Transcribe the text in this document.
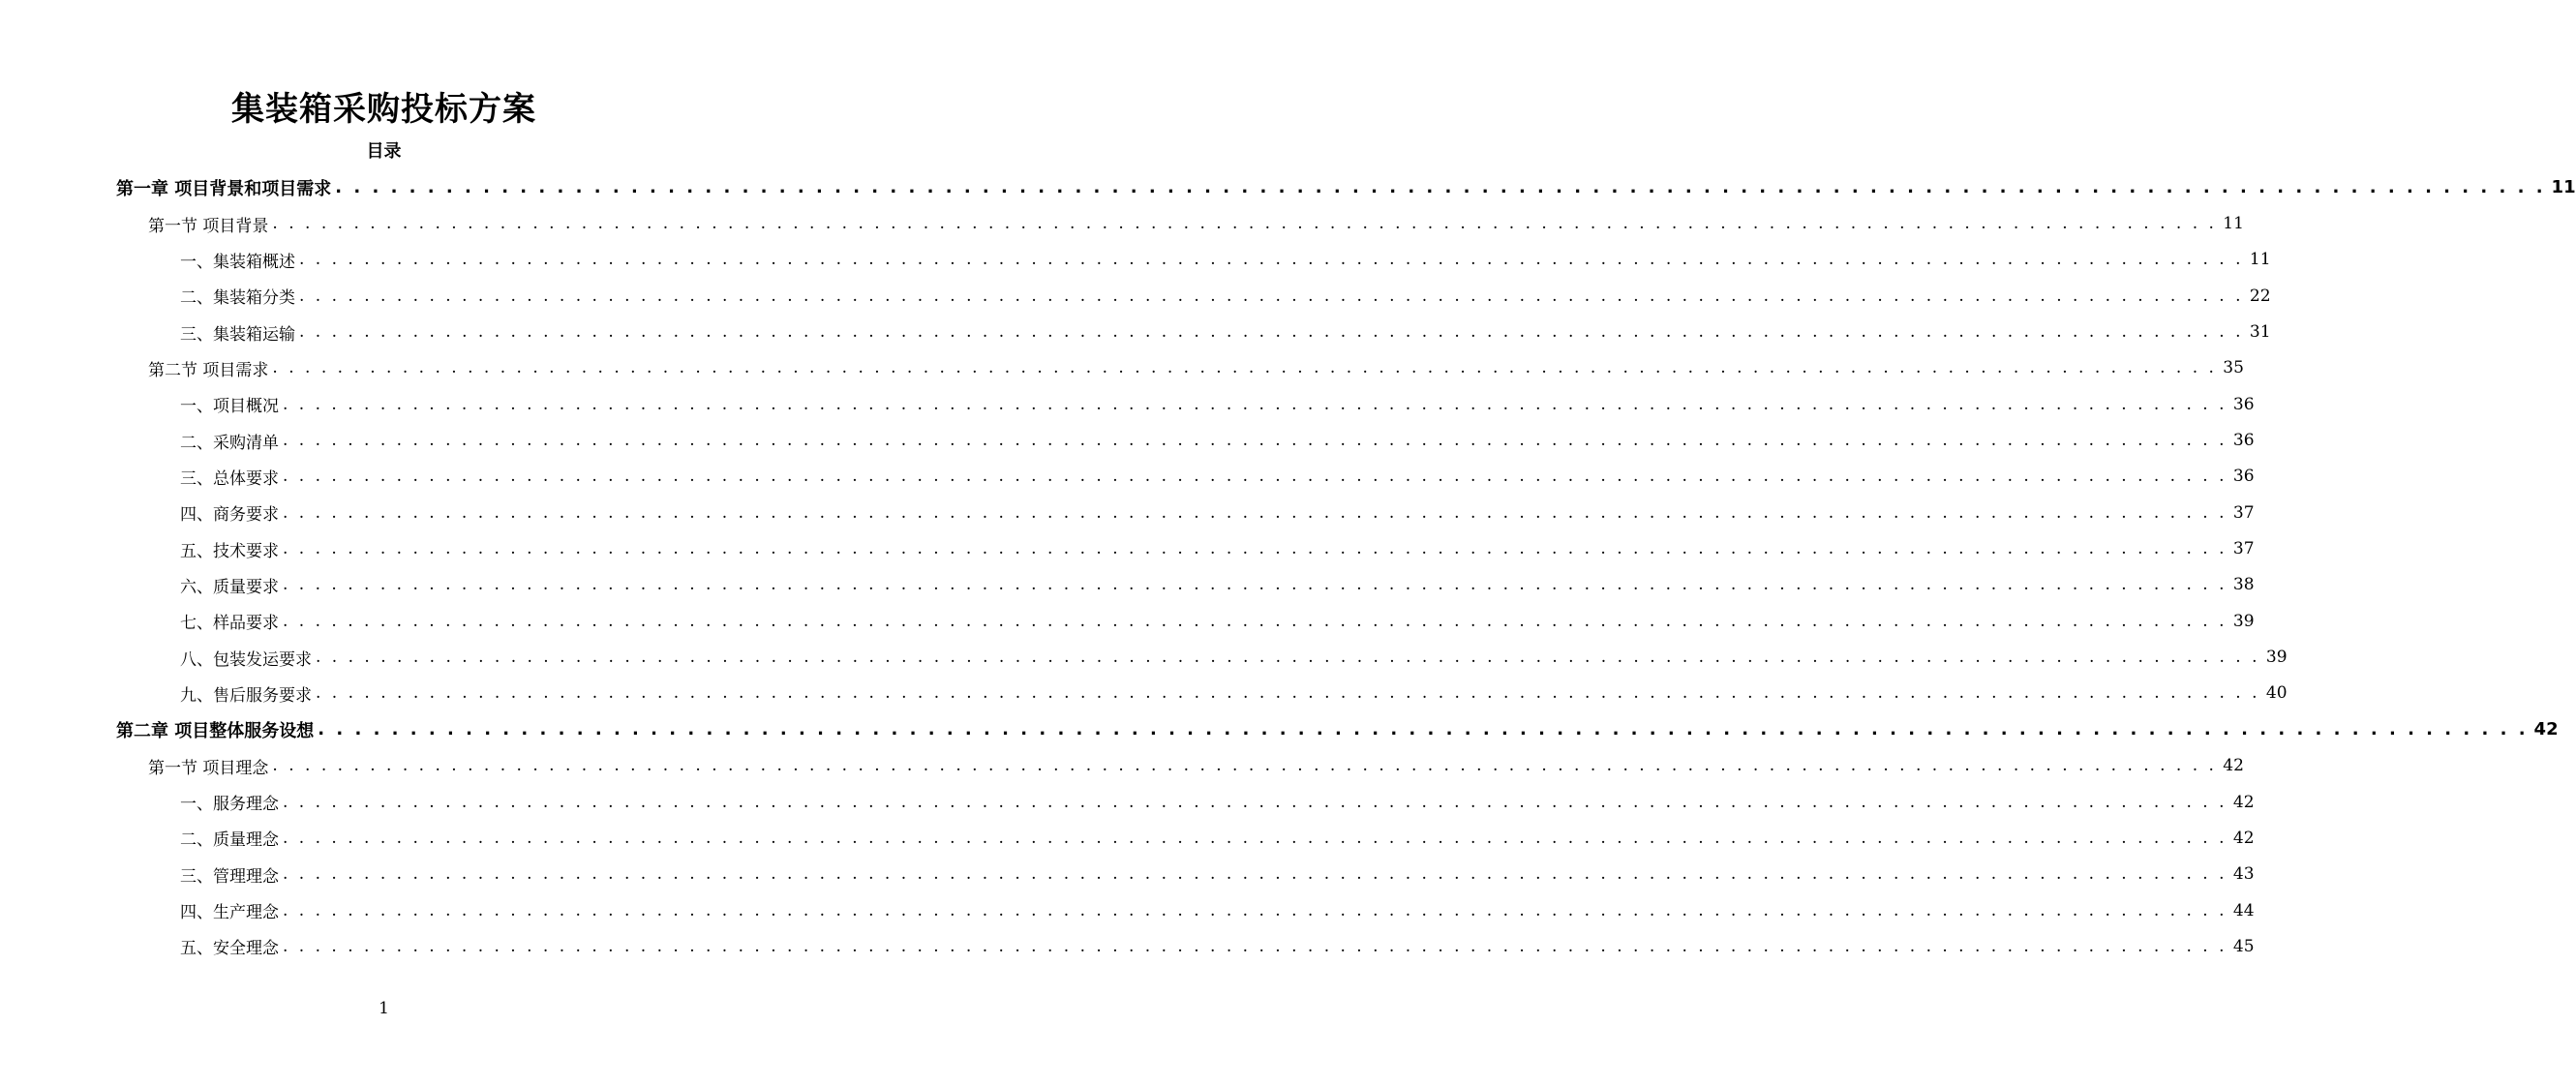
集装箱采购投标方案
目录
第一章 项目背景和项目需求 . . . . . . . . . . . . . . . . . . . . . . . . . . . . . . . . . . . . . . . . . . . . . . . . . . . . . . . . . . . . . . . . . . . . . . . . . . . . . . . . . . . . . . . . . . . . . . . . . . . . . . . . . . . . . . . . . . . . . . . . 11
第一节 项目背景 . . . . . . . . . . . . . . . . . . . . . . . . . . . . . . . . . . . . . . . . . . . . . . . . . . . . . . . . . . . . . . . . . . . . . . . . . . . . . . . . . . . . . . . . . . . . . . . . . . . . . . . . . . . . . . . . . . . . . . . . 11
一、集装箱概述 . . . . . . . . . . . . . . . . . . . . . . . . . . . . . . . . . . . . . . . . . . . . . . . . . . . . . . . . . . . . . . . . . . . . . . . . . . . . . . . . . . . . . . . . . . . . . . . . . . . . . . . . . . . . . . . . . . . . . . . . 11
二、集装箱分类 . . . . . . . . . . . . . . . . . . . . . . . . . . . . . . . . . . . . . . . . . . . . . . . . . . . . . . . . . . . . . . . . . . . . . . . . . . . . . . . . . . . . . . . . . . . . . . . . . . . . . . . . . . . . . . . . . . . . . . . . 22
三、集装箱运输 . . . . . . . . . . . . . . . . . . . . . . . . . . . . . . . . . . . . . . . . . . . . . . . . . . . . . . . . . . . . . . . . . . . . . . . . . . . . . . . . . . . . . . . . . . . . . . . . . . . . . . . . . . . . . . . . . . . . . . . . 31
第二节 项目需求 . . . . . . . . . . . . . . . . . . . . . . . . . . . . . . . . . . . . . . . . . . . . . . . . . . . . . . . . . . . . . . . . . . . . . . . . . . . . . . . . . . . . . . . . . . . . . . . . . . . . . . . . . . . . . . . . . . . . . . . . 35
一、项目概况 . . . . . . . . . . . . . . . . . . . . . . . . . . . . . . . . . . . . . . . . . . . . . . . . . . . . . . . . . . . . . . . . . . . . . . . . . . . . . . . . . . . . . . . . . . . . . . . . . . . . . . . . . . . . . . . . . . . . . . . . 36
二、采购清单 . . . . . . . . . . . . . . . . . . . . . . . . . . . . . . . . . . . . . . . . . . . . . . . . . . . . . . . . . . . . . . . . . . . . . . . . . . . . . . . . . . . . . . . . . . . . . . . . . . . . . . . . . . . . . . . . . . . . . . . . 36
三、总体要求 . . . . . . . . . . . . . . . . . . . . . . . . . . . . . . . . . . . . . . . . . . . . . . . . . . . . . . . . . . . . . . . . . . . . . . . . . . . . . . . . . . . . . . . . . . . . . . . . . . . . . . . . . . . . . . . . . . . . . . . . 36
四、商务要求 . . . . . . . . . . . . . . . . . . . . . . . . . . . . . . . . . . . . . . . . . . . . . . . . . . . . . . . . . . . . . . . . . . . . . . . . . . . . . . . . . . . . . . . . . . . . . . . . . . . . . . . . . . . . . . . . . . . . . . . . 37
五、技术要求 . . . . . . . . . . . . . . . . . . . . . . . . . . . . . . . . . . . . . . . . . . . . . . . . . . . . . . . . . . . . . . . . . . . . . . . . . . . . . . . . . . . . . . . . . . . . . . . . . . . . . . . . . . . . . . . . . . . . . . . . 37
六、质量要求 . . . . . . . . . . . . . . . . . . . . . . . . . . . . . . . . . . . . . . . . . . . . . . . . . . . . . . . . . . . . . . . . . . . . . . . . . . . . . . . . . . . . . . . . . . . . . . . . . . . . . . . . . . . . . . . . . . . . . . . . 38
七、样品要求 . . . . . . . . . . . . . . . . . . . . . . . . . . . . . . . . . . . . . . . . . . . . . . . . . . . . . . . . . . . . . . . . . . . . . . . . . . . . . . . . . . . . . . . . . . . . . . . . . . . . . . . . . . . . . . . . . . . . . . . . 39
八、包装发运要求 . . . . . . . . . . . . . . . . . . . . . . . . . . . . . . . . . . . . . . . . . . . . . . . . . . . . . . . . . . . . . . . . . . . . . . . . . . . . . . . . . . . . . . . . . . . . . . . . . . . . . . . . . . . . . . . . . . . . . . . . 39
九、售后服务要求 . . . . . . . . . . . . . . . . . . . . . . . . . . . . . . . . . . . . . . . . . . . . . . . . . . . . . . . . . . . . . . . . . . . . . . . . . . . . . . . . . . . . . . . . . . . . . . . . . . . . . . . . . . . . . . . . . . . . . . . . 40
第二章 项目整体服务设想 . . . . . . . . . . . . . . . . . . . . . . . . . . . . . . . . . . . . . . . . . . . . . . . . . . . . . . . . . . . . . . . . . . . . . . . . . . . . . . . . . . . . . . . . . . . . . . . . . . . . . . . . . . . . . . . . . . . . . . . . 42
第一节 项目理念 . . . . . . . . . . . . . . . . . . . . . . . . . . . . . . . . . . . . . . . . . . . . . . . . . . . . . . . . . . . . . . . . . . . . . . . . . . . . . . . . . . . . . . . . . . . . . . . . . . . . . . . . . . . . . . . . . . . . . . . . 42
一、服务理念 . . . . . . . . . . . . . . . . . . . . . . . . . . . . . . . . . . . . . . . . . . . . . . . . . . . . . . . . . . . . . . . . . . . . . . . . . . . . . . . . . . . . . . . . . . . . . . . . . . . . . . . . . . . . . . . . . . . . . . . . 42
二、质量理念 . . . . . . . . . . . . . . . . . . . . . . . . . . . . . . . . . . . . . . . . . . . . . . . . . . . . . . . . . . . . . . . . . . . . . . . . . . . . . . . . . . . . . . . . . . . . . . . . . . . . . . . . . . . . . . . . . . . . . . . . 42
三、管理理念 . . . . . . . . . . . . . . . . . . . . . . . . . . . . . . . . . . . . . . . . . . . . . . . . . . . . . . . . . . . . . . . . . . . . . . . . . . . . . . . . . . . . . . . . . . . . . . . . . . . . . . . . . . . . . . . . . . . . . . . . 43
四、生产理念 . . . . . . . . . . . . . . . . . . . . . . . . . . . . . . . . . . . . . . . . . . . . . . . . . . . . . . . . . . . . . . . . . . . . . . . . . . . . . . . . . . . . . . . . . . . . . . . . . . . . . . . . . . . . . . . . . . . . . . . . 44
五、安全理念 . . . . . . . . . . . . . . . . . . . . . . . . . . . . . . . . . . . . . . . . . . . . . . . . . . . . . . . . . . . . . . . . . . . . . . . . . . . . . . . . . . . . . . . . . . . . . . . . . . . . . . . . . . . . . . . . . . . . . . . . 45
1
